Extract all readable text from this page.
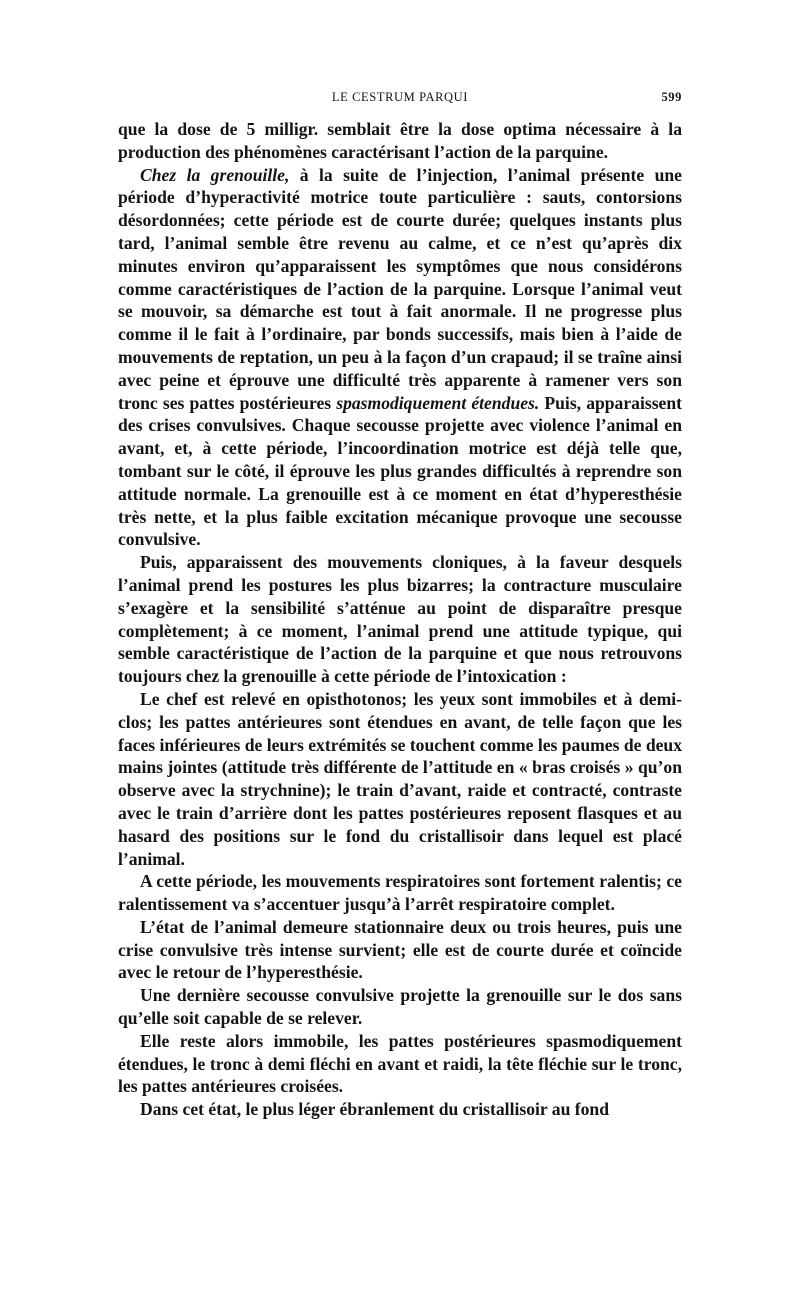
LE CESTRUM PARQUI	599

que la dose de 5 milligr. semblait être la dose optima nécessaire à la production des phénomènes caractérisant l’action de la parquine.

Chez la grenouille, à la suite de l’injection, l’animal présente une période d’hyperactivité motrice toute particulière : sauts, contorsions désordonnées; cette période est de courte durée; quelques instants plus tard, l’animal semble être revenu au calme, et ce n’est qu’après dix minutes environ qu’apparaissent les symptômes que nous considérons comme caractéristiques de l’action de la parquine. Lorsque l’animal veut se mouvoir, sa démarche est tout à fait anormale. Il ne progresse plus comme il le fait à l’ordinaire, par bonds successifs, mais bien à l’aide de mouvements de reptation, un peu à la façon d’un crapaud; il se traîne ainsi avec peine et éprouve une difficulté très apparente à ramener vers son tronc ses pattes postérieures spasmodiquement étendues. Puis, apparaissent des crises convulsives. Chaque secousse projette avec violence l’animal en avant, et, à cette période, l’incoordination motrice est déjà telle que, tombant sur le côté, il éprouve les plus grandes difficultés à reprendre son attitude normale. La grenouille est à ce moment en état d’hyperesthésie très nette, et la plus faible excitation mécanique provoque une secousse convulsive.

Puis, apparaissent des mouvements cloniques, à la faveur desquels l’animal prend les postures les plus bizarres; la contracture musculaire s’exagère et la sensibilité s’atténue au point de disparaître presque complètement; à ce moment, l’animal prend une attitude typique, qui semble caractéristique de l’action de la parquine et que nous retrouvons toujours chez la grenouille à cette période de l’intoxication :

Le chef est relevé en opisthotonos; les yeux sont immobiles et à demi-clos; les pattes antérieures sont étendues en avant, de telle façon que les faces inférieures de leurs extrémités se touchent comme les paumes de deux mains jointes (attitude très différente de l’attitude en « bras croisés » qu’on observe avec la strychnine); le train d’avant, raide et contracté, contraste avec le train d’arrière dont les pattes postérieures reposent flasques et au hasard des positions sur le fond du cristallisoir dans lequel est placé l’animal.

A cette période, les mouvements respiratoires sont fortement ralentis; ce ralentissement va s’accentuer jusqu’à l’arrêt respiratoire complet.

L’état de l’animal demeure stationnaire deux ou trois heures, puis une crise convulsive très intense survient; elle est de courte durée et coïncide avec le retour de l’hyperesthésie.

Une dernière secousse convulsive projette la grenouille sur le dos sans qu’elle soit capable de se relever.

Elle reste alors immobile, les pattes postérieures spasmodiquement étendues, le tronc à demi fléchi en avant et raidi, la tête fléchie sur le tronc, les pattes antérieures croisées.

Dans cet état, le plus léger ébranlement du cristallisoir au fond
